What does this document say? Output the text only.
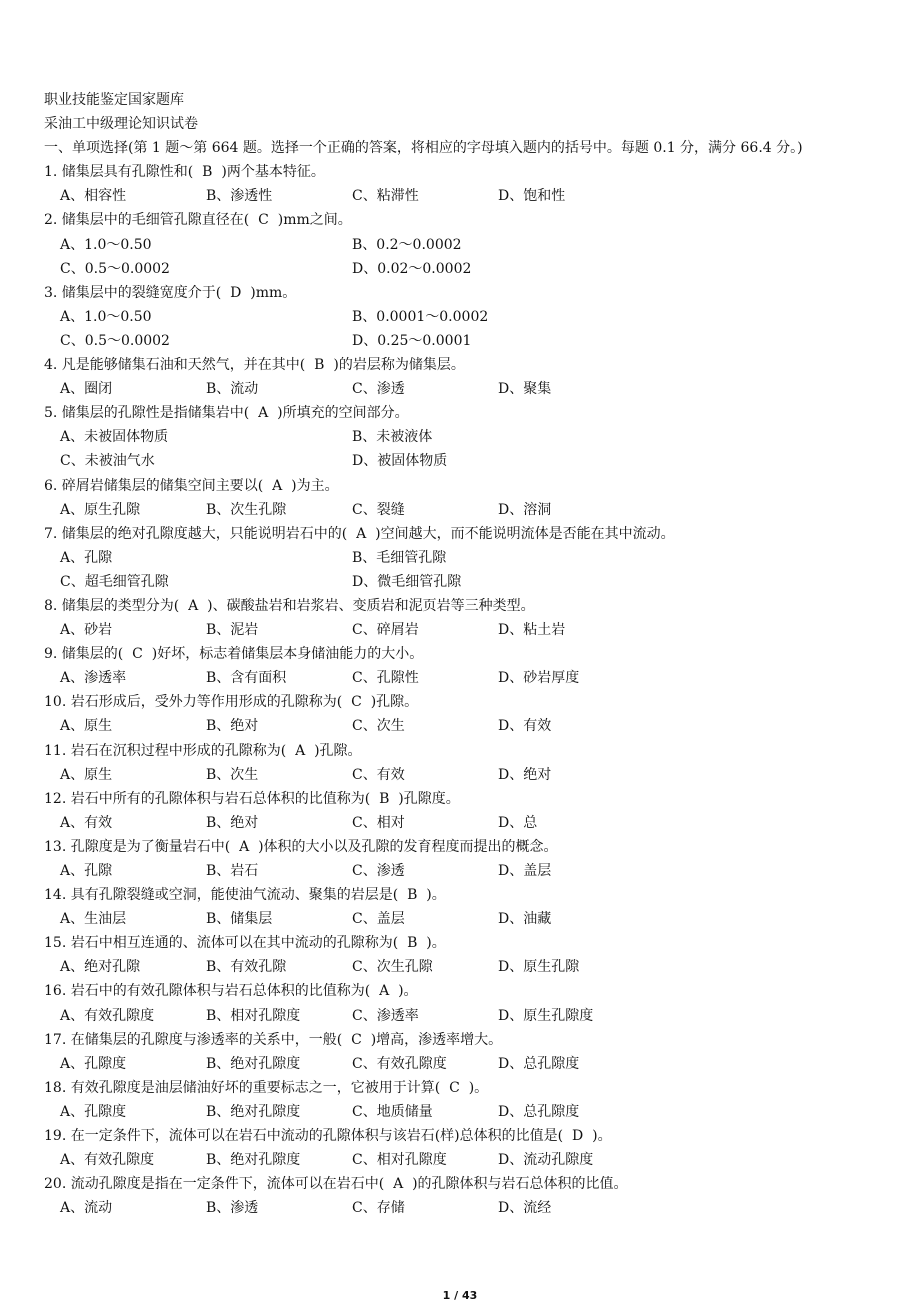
职业技能鉴定国家题库
采油工中级理论知识试卷
一、单项选择(第 1 题～第 664 题。选择一个正确的答案，将相应的字母填入题内的括号中。每题 0.1 分，满分 66.4 分。)
1. 储集层具有孔隙性和(  B  )两个基本特征。
A、相容性	B、渗透性	C、粘滞性	D、饱和性
2. 储集层中的毛细管孔隙直径在(  C  )mm之间。
A、1.0～0.50	B、0.2～0.0002
C、0.5～0.0002	D、0.02～0.0002
3. 储集层中的裂缝宽度介于(  D  )mm。
A、1.0～0.50	B、0.0001～0.0002
C、0.5～0.0002	D、0.25～0.0001
4. 凡是能够储集石油和天然气，并在其中(  B  )的岩层称为储集层。
A、圈闭	B、流动	C、渗透	D、聚集
5. 储集层的孔隙性是指储集岩中(  A  )所填充的空间部分。
A、未被固体物质	B、未被液体
C、未被油气水	D、被固体物质
6. 碎屑岩储集层的储集空间主要以(  A  )为主。
A、原生孔隙	B、次生孔隙	C、裂缝	D、溶洞
7. 储集层的绝对孔隙度越大，只能说明岩石中的(  A  )空间越大，而不能说明流体是否能在其中流动。
A、孔隙	B、毛细管孔隙
C、超毛细管孔隙	D、微毛细管孔隙
8. 储集层的类型分为(  A  )、碳酸盐岩和岩浆岩、变质岩和泥页岩等三种类型。
A、砂岩	B、泥岩	C、碎屑岩	D、粘土岩
9. 储集层的(  C  )好坏，标志着储集层本身储油能力的大小。
A、渗透率	B、含有面积	C、孔隙性	D、砂岩厚度
10. 岩石形成后，受外力等作用形成的孔隙称为(  C  )孔隙。
A、原生	B、绝对	C、次生	D、有效
11. 岩石在沉积过程中形成的孔隙称为(  A  )孔隙。
A、原生	B、次生	C、有效	D、绝对
12. 岩石中所有的孔隙体积与岩石总体积的比值称为(  B  )孔隙度。
A、有效	B、绝对	C、相对	D、总
13. 孔隙度是为了衡量岩石中(  A  )体积的大小以及孔隙的发育程度而提出的概念。
A、孔隙	B、岩石	C、渗透	D、盖层
14. 具有孔隙裂缝或空洞，能使油气流动、聚集的岩层是(  B  )。
A、生油层	B、储集层	C、盖层	D、油藏
15. 岩石中相互连通的、流体可以在其中流动的孔隙称为(  B  )。
A、绝对孔隙	B、有效孔隙	C、次生孔隙	D、原生孔隙
16. 岩石中的有效孔隙体积与岩石总体积的比值称为(  A  )。
A、有效孔隙度	B、相对孔隙度	C、渗透率	D、原生孔隙度
17. 在储集层的孔隙度与渗透率的关系中，一般(  C  )增高，渗透率增大。
A、孔隙度	B、绝对孔隙度	C、有效孔隙度	D、总孔隙度
18. 有效孔隙度是油层储油好坏的重要标志之一，它被用于计算(  C  )。
A、孔隙度	B、绝对孔隙度	C、地质储量	D、总孔隙度
19. 在一定条件下，流体可以在岩石中流动的孔隙体积与该岩石(样)总体积的比值是(  D  )。
A、有效孔隙度	B、绝对孔隙度	C、相对孔隙度	D、流动孔隙度
20. 流动孔隙度是指在一定条件下，流体可以在岩石中(  A  )的孔隙体积与岩石总体积的比值。
A、流动	B、渗透	C、存储	D、流经
1 / 43
